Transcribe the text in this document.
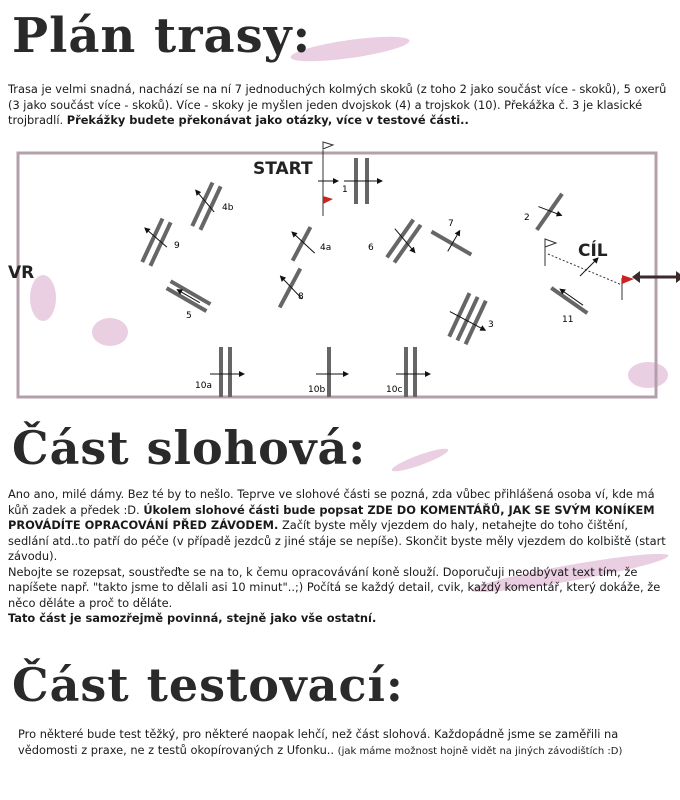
Plán trasy:

Trasa je velmi snadná, nachází se na ní 7 jednoduchých kolmých skoků (z toho 2 jako součást více - skoků), 5 oxerů (3 jako součást více - skoků). Více - skoky je myšlen jeden dvojskok (4) a trojskok (10). Překážka č. 3 je klasické trojbradlí. Překážky budete překonávat jako otázky, více v testové části..

START
1
4b
9
5
4a
8
6
7
3
2
11
10a	10b	10c
CÍL
VR
Část slohová:
Ano ano, milé dámy. Bez té by to nešlo. Teprve ve slohové části se pozná, zda vůbec přihlášená osoba ví, kde má kůň zadek a předek :D. Úkolem slohové části bude popsat ZDE DO KOMENTÁŘŮ, JAK SE SVÝM KONÍKEM PROVÁDÍTE OPRACOVÁNÍ PŘED ZÁVODEM. Začít byste měly vjezdem do haly, netahejte do toho čištění, sedlání atd..to patří do péče (v případě jezdců z jiné stáje se nepíše). Skončit byste měly vjezdem do kolbiště (start závodu).
Nebojte se rozepsat, soustřeďte se na to, k čemu opracovávání koně slouží. Doporučuji neodbývat text tím, že napíšete např. "takto jsme to dělali asi 10 minut"..;) Počítá se každý detail, cvik, každý komentář, který dokáže, že něco děláte a proč to děláte.
Tato část je samozřejmě povinná, stejně jako vše ostatní.
Část testovací:
Pro některé bude test těžký, pro některé naopak lehčí, než část slohová. Každopádně jsme se zaměřili na vědomosti z praxe, ne z testů okopírovaných z Ufonku.. (jak máme možnost hojně vidět na jiných závodištích :D)
